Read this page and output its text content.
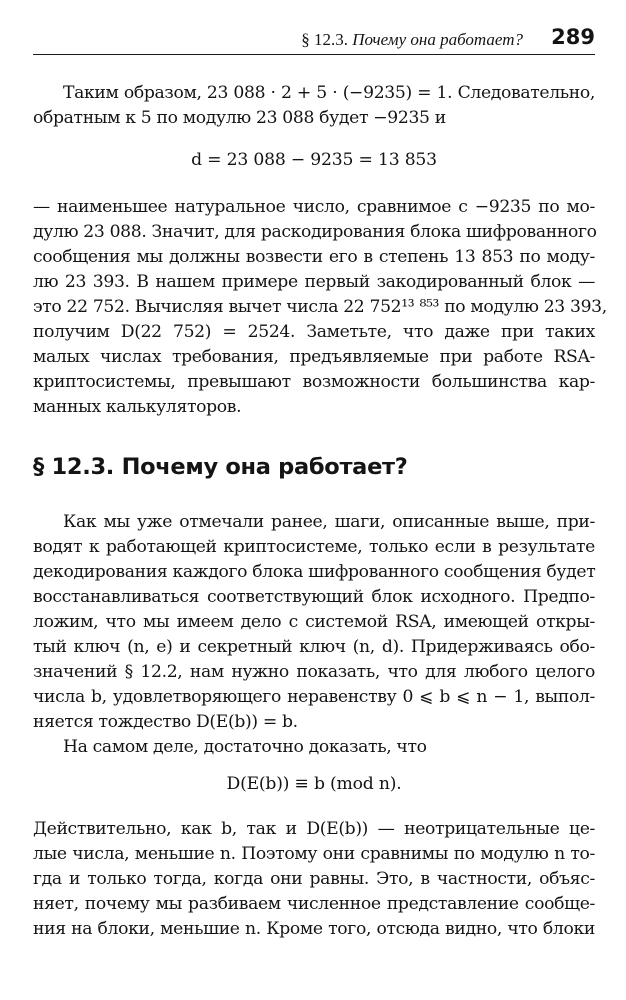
§ 12.3. Почему она работает? 289
Таким образом, 23 088 · 2 + 5 · (−9235) = 1. Следовательно,
обратным к 5 по модулю 23 088 будет −9235 и
d = 23 088 − 9235 = 13 853
— наименьшее натуральное число, сравнимое с −9235 по мо-
дулю 23 088. Значит, для раскодирования блока шифрованного
сообщения мы должны возвести его в степень 13 853 по моду-
лю 23 393. В нашем примере первый закодированный блок —
это 22 752. Вычисляя вычет числа 22 752¹³ ⁸⁵³ по модулю 23 393,
получим D(22 752) = 2524. Заметьте, что даже при таких
малых числах требования, предъявляемые при работе RSA-
криптосистемы, превышают возможности большинства кар-
манных калькуляторов.
§ 12.3. Почему она работает?
Как мы уже отмечали ранее, шаги, описанные выше, при-
водят к работающей криптосистеме, только если в результате
декодирования каждого блока шифрованного сообщения будет
восстанавливаться соответствующий блок исходного. Предпо-
ложим, что мы имеем дело с системой RSA, имеющей откры-
тый ключ (n, e) и секретный ключ (n, d). Придерживаясь обо-
значений § 12.2, нам нужно показать, что для любого целого
числа b, удовлетворяющего неравенству 0 ⩽ b ⩽ n − 1, выпол-
няется тождество D(E(b)) = b.
На самом деле, достаточно доказать, что
D(E(b)) ≡ b (mod n).
Действительно, как b, так и D(E(b)) — неотрицательные це-
лые числа, меньшие n. Поэтому они сравнимы по модулю n то-
гда и только тогда, когда они равны. Это, в частности, объяс-
няет, почему мы разбиваем численное представление сообще-
ния на блоки, меньшие n. Кроме того, отсюда видно, что блоки
